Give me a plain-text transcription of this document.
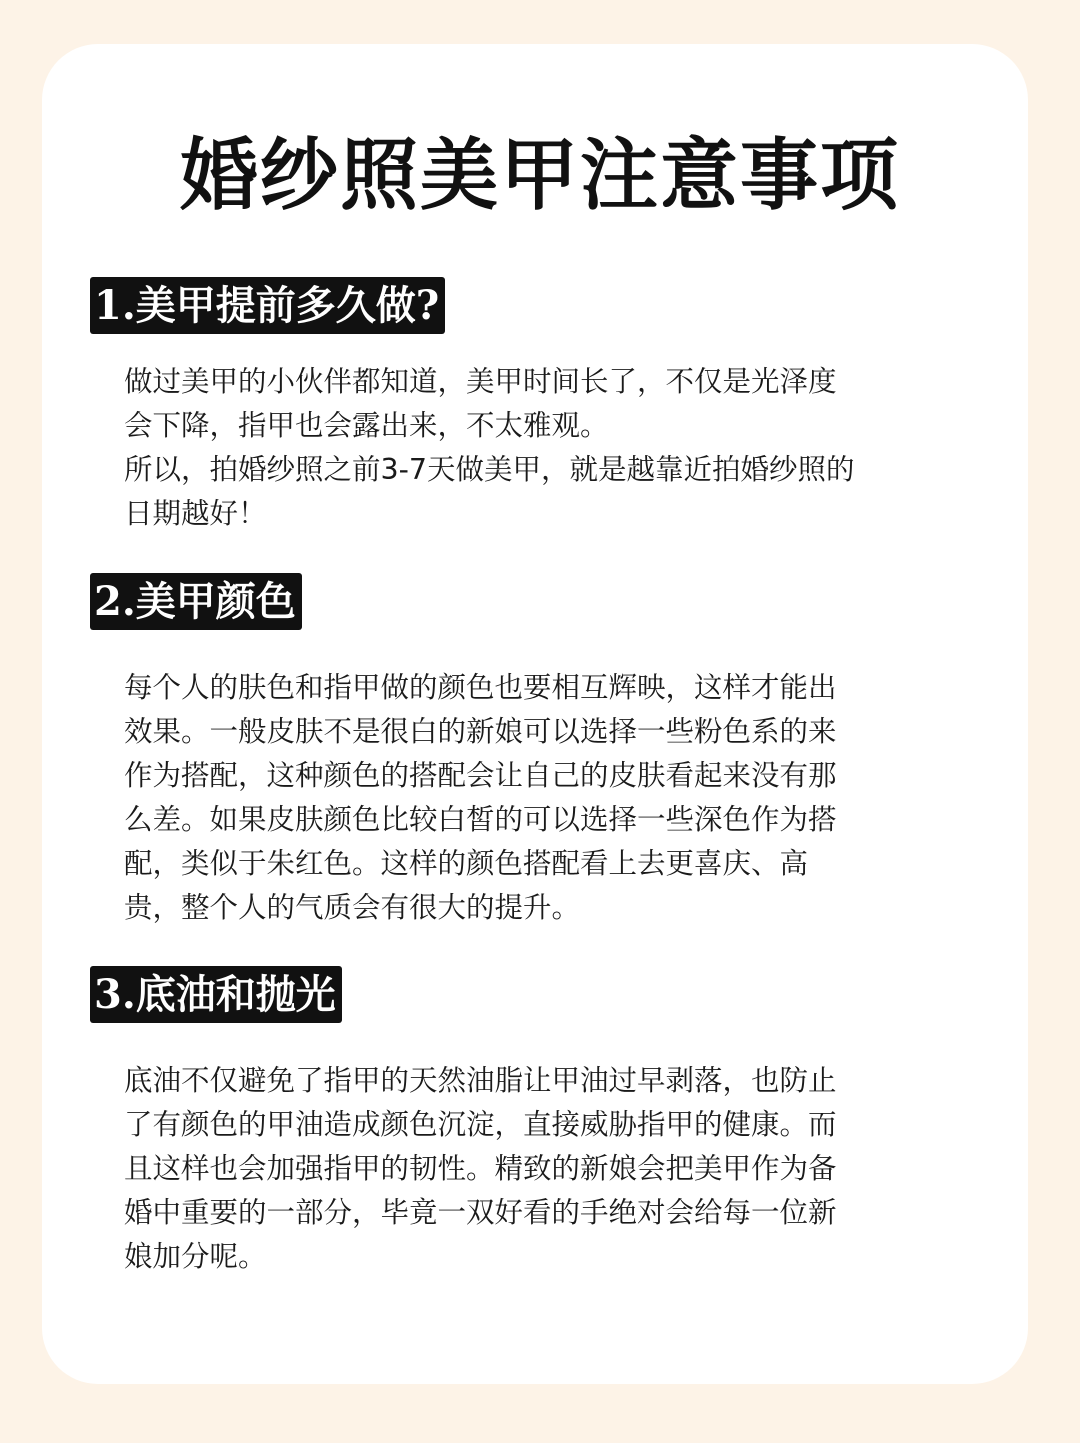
婚纱照美甲注意事项
1.美甲提前多久做?

做过美甲的小伙伴都知道，美甲时间长了，不仅是光泽度
会下降，指甲也会露出来，不太雅观。
所以，拍婚纱照之前3-7天做美甲，就是越靠近拍婚纱照的
日期越好！

2.美甲颜色

每个人的肤色和指甲做的颜色也要相互辉映，这样才能出
效果。一般皮肤不是很白的新娘可以选择一些粉色系的来
作为搭配，这种颜色的搭配会让自己的皮肤看起来没有那
么差。如果皮肤颜色比较白皙的可以选择一些深色作为搭
配，类似于朱红色。这样的颜色搭配看上去更喜庆、高
贵，整个人的气质会有很大的提升。

3.底油和抛光

底油不仅避免了指甲的天然油脂让甲油过早剥落，也防止
了有颜色的甲油造成颜色沉淀，直接威胁指甲的健康。而
且这样也会加强指甲的韧性。精致的新娘会把美甲作为备
婚中重要的一部分，毕竟一双好看的手绝对会给每一位新
娘加分呢。
